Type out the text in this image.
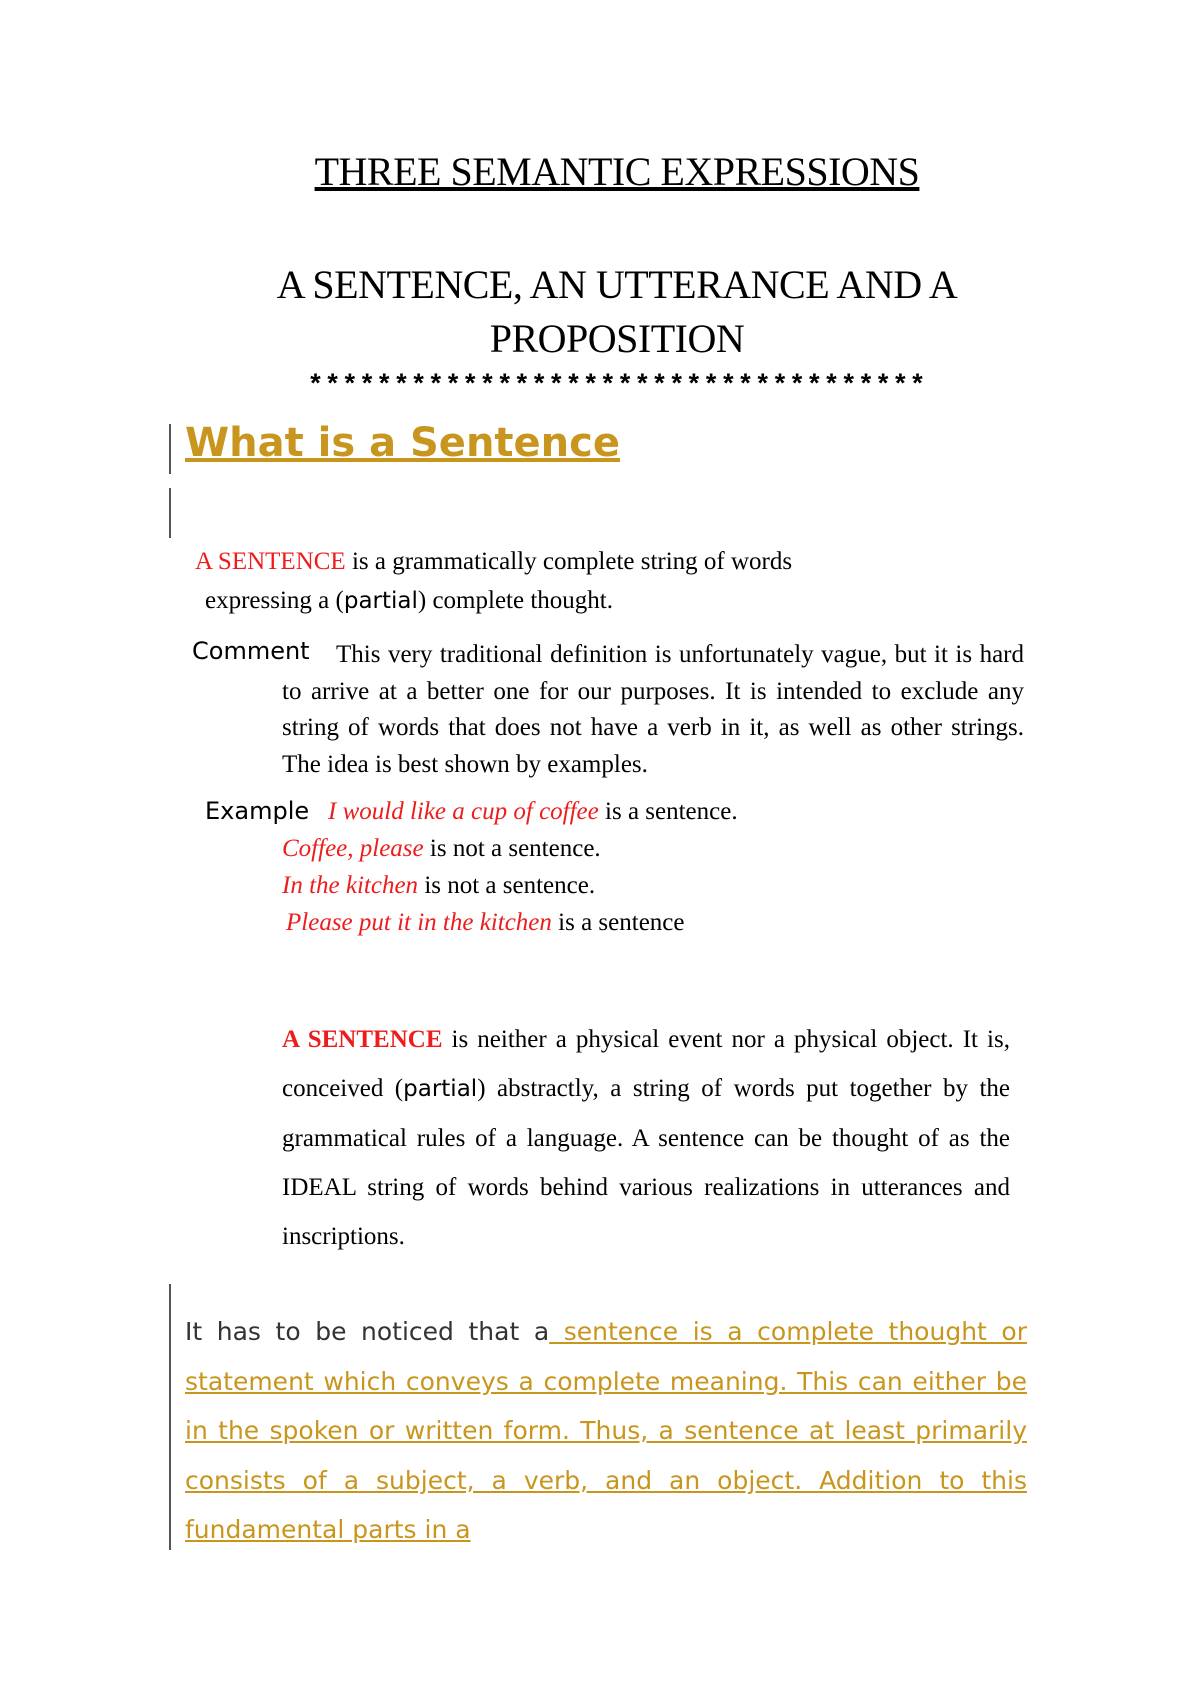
THREE SEMANTIC EXPRESSIONS
A SENTENCE, AN UTTERANCE AND A
PROPOSITION
************************************
What is a Sentence
A SENTENCE is a grammatically complete string of words
expressing a (partial) complete thought.
Comment	This very traditional definition is unfortunately vague, but it is hard to arrive at a better one for our purposes. It is intended to exclude any string of words that does not have a verb in it, as well as other strings. The idea is best shown by examples.
Example I would like a cup of coffee is a sentence.
Coffee, please is not a sentence.
In the kitchen is not a sentence.
Please put it in the kitchen is a sentence
A SENTENCE is neither a physical event nor a physical object. It is, conceived (partial) abstractly, a string of words put together by the grammatical rules of a language. A sentence can be thought of as the IDEAL string of words behind various realizations in utterances and inscriptions.
It has to be noticed that a sentence is a complete thought or statement which conveys a complete meaning. This can either be in the spoken or written form. Thus, a sentence at least primarily consists of a subject, a verb, and an object. Addition to this fundamental parts in a
